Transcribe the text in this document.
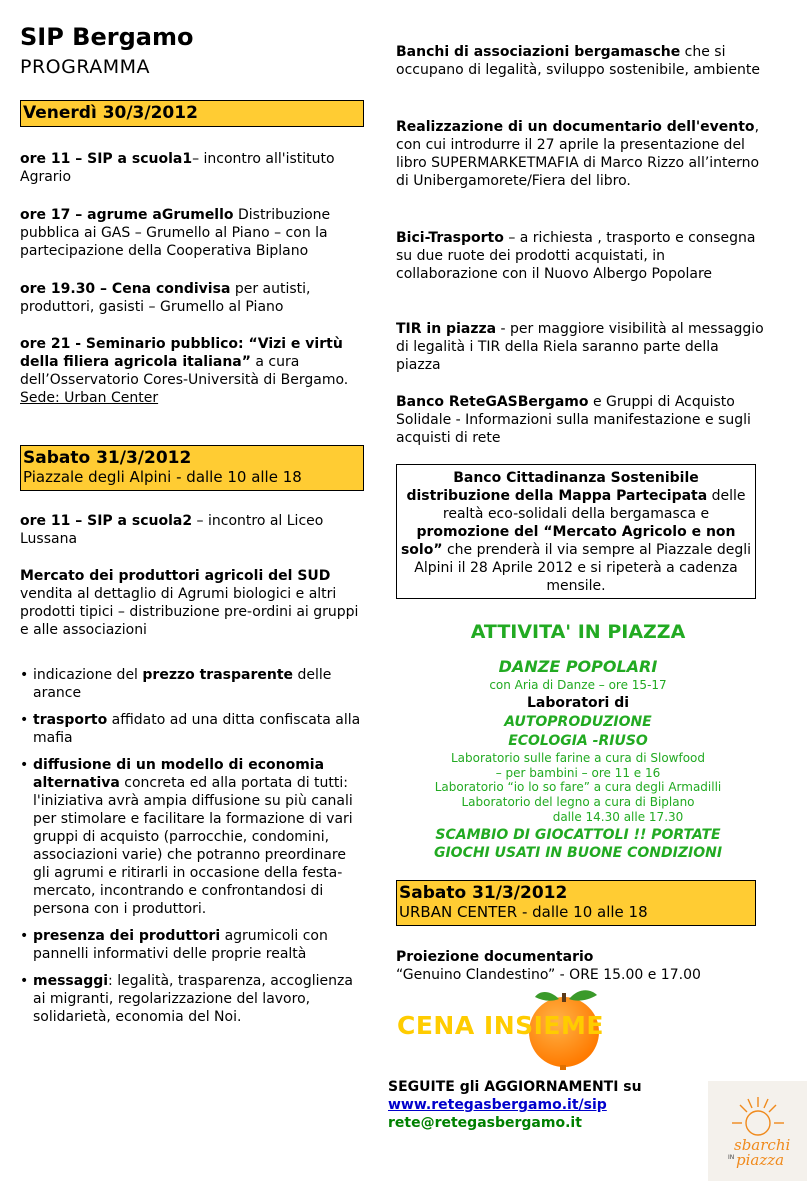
SIP Bergamo
PROGRAMMA
Venerdì 30/3/2012
ore 11 – SIP a scuola1– incontro all'istituto Agrario
ore 17 – agrume aGrumello Distribuzione pubblica ai GAS – Grumello al Piano – con la partecipazione della Cooperativa Biplano
ore 19.30 – Cena condivisa per autisti, produttori, gasisti – Grumello al Piano
ore 21 - Seminario pubblico: “Vizi e virtù della filiera agricola italiana” a cura dell’Osservatorio Cores-Università di Bergamo. Sede: Urban Center
Sabato 31/3/2012
Piazzale degli Alpini - dalle 10 alle 18
ore 11 – SIP a scuola2 – incontro al Liceo Lussana
Mercato dei produttori agricoli del SUD vendita al dettaglio di Agrumi biologici e altri prodotti tipici – distribuzione pre-ordini ai gruppi e alle associazioni
• indicazione del prezzo trasparente delle arance
• trasporto affidato ad una ditta confiscata alla mafia
• diffusione di un modello di economia alternativa concreta ed alla portata di tutti: l'iniziativa avrà ampia diffusione su più canali per stimolare e facilitare la formazione di vari gruppi di acquisto (parrocchie, condomini, associazioni varie) che potranno preordinare gli agrumi e ritirarli in occasione della festa-mercato, incontrando e confrontandosi di persona con i produttori.
• presenza dei produttori agrumicoli con pannelli informativi delle proprie realtà
• messaggi: legalità, trasparenza, accoglienza ai migranti, regolarizzazione del lavoro, solidarietà, economia del Noi.
Banchi di associazioni bergamasche che si occupano di legalità, sviluppo sostenibile, ambiente
Realizzazione di un documentario dell'evento, con cui introdurre il 27 aprile la presentazione del libro SUPERMARKETMAFIA di Marco Rizzo all’interno di Unibergamorete/Fiera del libro.
Bici-Trasporto – a richiesta , trasporto e consegna su due ruote dei prodotti acquistati, in collaborazione con il Nuovo Albergo Popolare
TIR in piazza - per maggiore visibilità al messaggio di legalità i TIR della Riela saranno parte della piazza
Banco ReteGASBergamo e Gruppi di Acquisto Solidale - Informazioni sulla manifestazione e sugli acquisti di rete
Banco Cittadinanza Sostenibile
distribuzione della Mappa Partecipata delle realtà eco-solidali della bergamasca e promozione del “Mercato Agricolo e non solo” che prenderà il via sempre al Piazzale degli Alpini il 28 Aprile 2012 e si ripeterà a cadenza mensile.
ATTIVITA' IN PIAZZA
DANZE POPOLARI
con Aria di Danze – ore 15-17
Laboratori di
AUTOPRODUZIONE
ECOLOGIA -RIUSO
Laboratorio sulle farine a cura di Slowfood
– per bambini – ore 11 e 16
Laboratorio “io lo so fare” a cura degli Armadilli
Laboratorio del legno a cura di Biplano
dalle 14.30 alle 17.30
SCAMBIO DI GIOCATTOLI !! PORTATE
GIOCHI USATI IN BUONE CONDIZIONI
Sabato 31/3/2012
URBAN CENTER - dalle 10 alle 18
Proiezione documentario
“Genuino Clandestino” - ORE 15.00 e 17.00
CENA INSIEME
SEGUITE gli AGGIORNAMENTI su
www.retegasbergamo.it/sip
rete@retegasbergamo.it
sbarchi
IN piazza
